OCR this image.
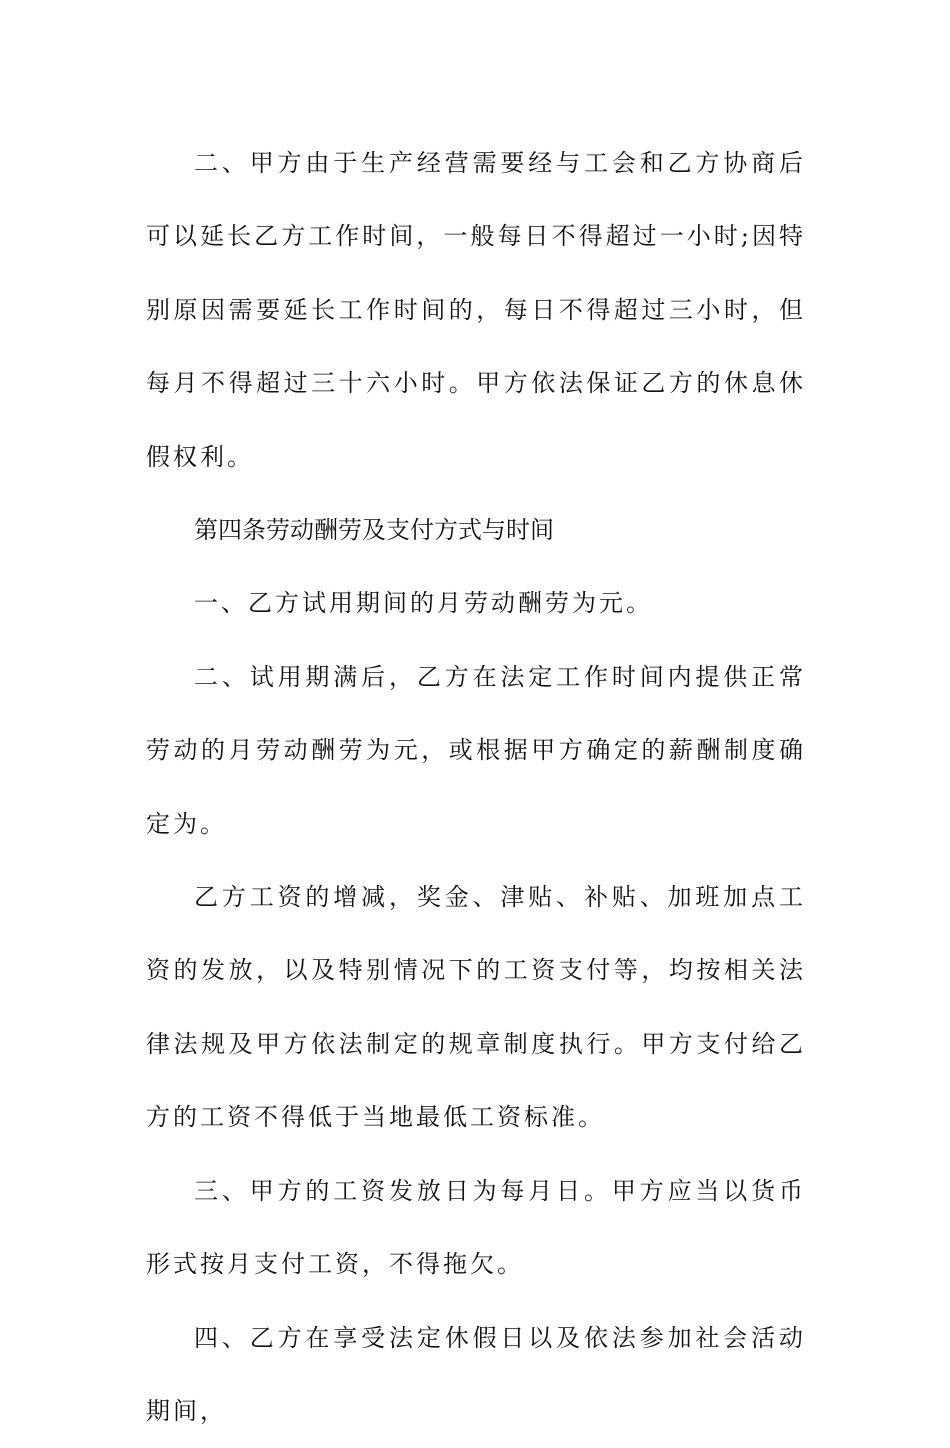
二、甲方由于生产经营需要经与工会和乙方协商后可以延长乙方工作时间，一般每日不得超过一小时;因特别原因需要延长工作时间的，每日不得超过三小时，但每月不得超过三十六小时。甲方依法保证乙方的休息休假权利。

第四条劳动酬劳及支付方式与时间

一、乙方试用期间的月劳动酬劳为元。

二、试用期满后，乙方在法定工作时间内提供正常劳动的月劳动酬劳为元，或根据甲方确定的薪酬制度确定为。

乙方工资的增减，奖金、津贴、补贴、加班加点工资的发放，以及特别情况下的工资支付等，均按相关法律法规及甲方依法制定的规章制度执行。甲方支付给乙方的工资不得低于当地最低工资标准。

三、甲方的工资发放日为每月日。甲方应当以货币形式按月支付工资，不得拖欠。

四、乙方在享受法定休假日以及依法参加社会活动期间，
